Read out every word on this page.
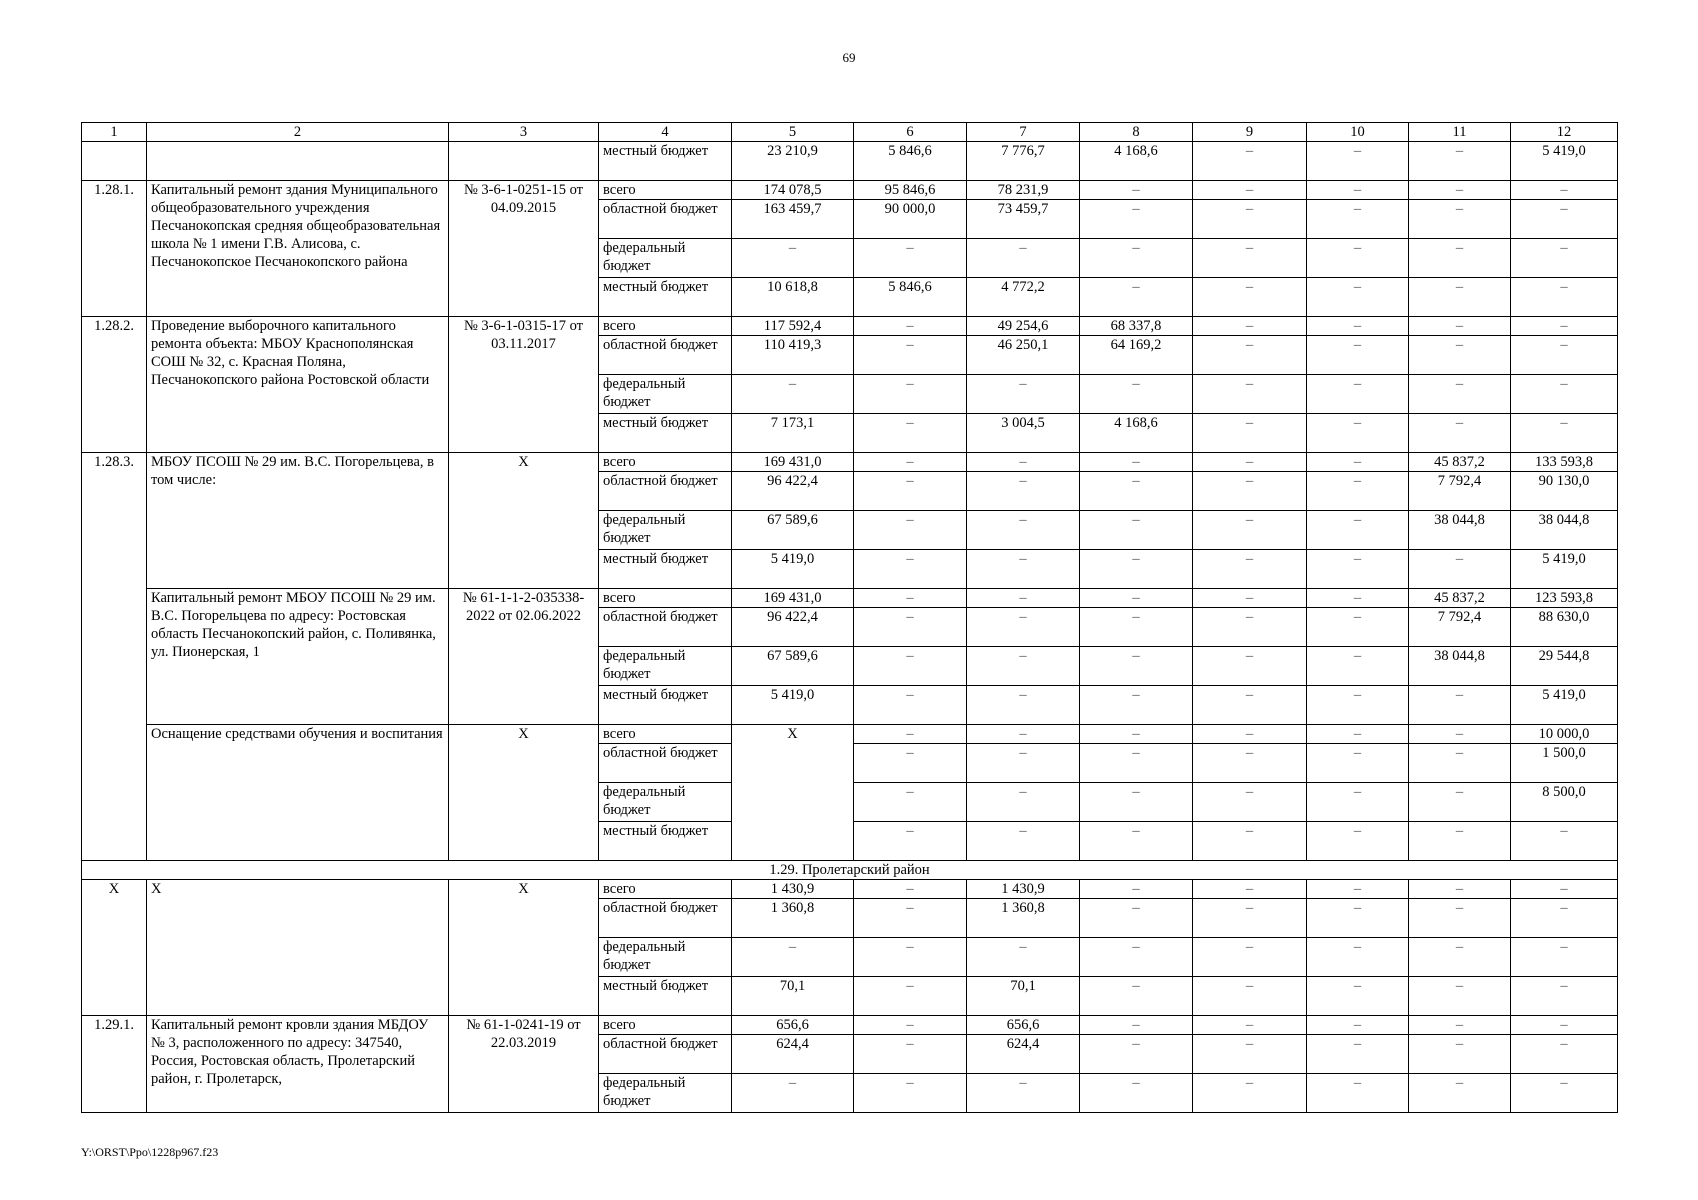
69
1	2	3	4	5	6	7	8	9	10	11	12
			местный бюджет	23 210,9	5 846,6	7 776,7	4 168,6	–	–	–	5 419,0
1.28.1.	Капитальный ремонт здания Муниципального общеобразовательного учреждения Песчанокопская средняя общеобразовательная школа № 1 имени Г.В. Алисова, с. Песчанокопское Песчанокопского района	№ 3-6-1-0251-15 от 04.09.2015	всего	174 078,5	95 846,6	78 231,9	–	–	–	–	–
			областной бюджет	163 459,7	90 000,0	73 459,7	–	–	–	–	–
			федеральный бюджет	–	–	–	–	–	–	–	–
			местный бюджет	10 618,8	5 846,6	4 772,2	–	–	–	–	–
1.28.2.	Проведение выборочного капитального ремонта объекта: МБОУ Краснополянская СОШ № 32, с. Красная Поляна, Песчанокопского района Ростовской области	№ 3-6-1-0315-17 от 03.11.2017	всего	117 592,4	–	49 254,6	68 337,8	–	–	–	–
			областной бюджет	110 419,3	–	46 250,1	64 169,2	–	–	–	–
			федеральный бюджет	–	–	–	–	–	–	–	–
			местный бюджет	7 173,1	–	3 004,5	4 168,6	–	–	–	–
1.28.3.	МБОУ ПСОШ № 29 им. В.С. Погорельцева, в том числе:	Х	всего	169 431,0	–	–	–	–	–	45 837,2	133 593,8
			областной бюджет	96 422,4	–	–	–	–	–	7 792,4	90 130,0
			федеральный бюджет	67 589,6	–	–	–	–	–	38 044,8	38 044,8
			местный бюджет	5 419,0	–	–	–	–	–	–	5 419,0
	Капитальный ремонт МБОУ ПСОШ № 29 им. В.С. Погорельцева по адресу: Ростовская область Песчанокопский район, с. Поливянка, ул. Пионерская, 1	№ 61-1-1-2-035338-2022 от 02.06.2022	всего	169 431,0	–	–	–	–	–	45 837,2	123 593,8
			областной бюджет	96 422,4	–	–	–	–	–	7 792,4	88 630,0
			федеральный бюджет	67 589,6	–	–	–	–	–	38 044,8	29 544,8
			местный бюджет	5 419,0	–	–	–	–	–	–	5 419,0
	Оснащение средствами обучения и воспитания	Х	всего	Х	–	–	–	–	–	–	10 000,0
			областной бюджет		–	–	–	–	–	–	1 500,0
			федеральный бюджет		–	–	–	–	–	–	8 500,0
			местный бюджет		–	–	–	–	–	–	–
1.29. Пролетарский район											
Х	Х	Х	всего	1 430,9	–	1 430,9	–	–	–	–	–
			областной бюджет	1 360,8	–	1 360,8	–	–	–	–	–
			федеральный бюджет	–	–	–	–	–	–	–	–
			местный бюджет	70,1	–	70,1	–	–	–	–	–
1.29.1.	Капитальный ремонт кровли здания МБДОУ № 3, расположенного по адресу: 347540, Россия, Ростовская область, Пролетарский район, г. Пролетарск,	№ 61-1-0241-19 от 22.03.2019	всего	656,6	–	656,6	–	–	–	–	–
			областной бюджет	624,4	–	624,4	–	–	–	–	–
			федеральный бюджет	–	–	–	–	–	–	–	–
Y:\ORST\Ppo\1228p967.f23
